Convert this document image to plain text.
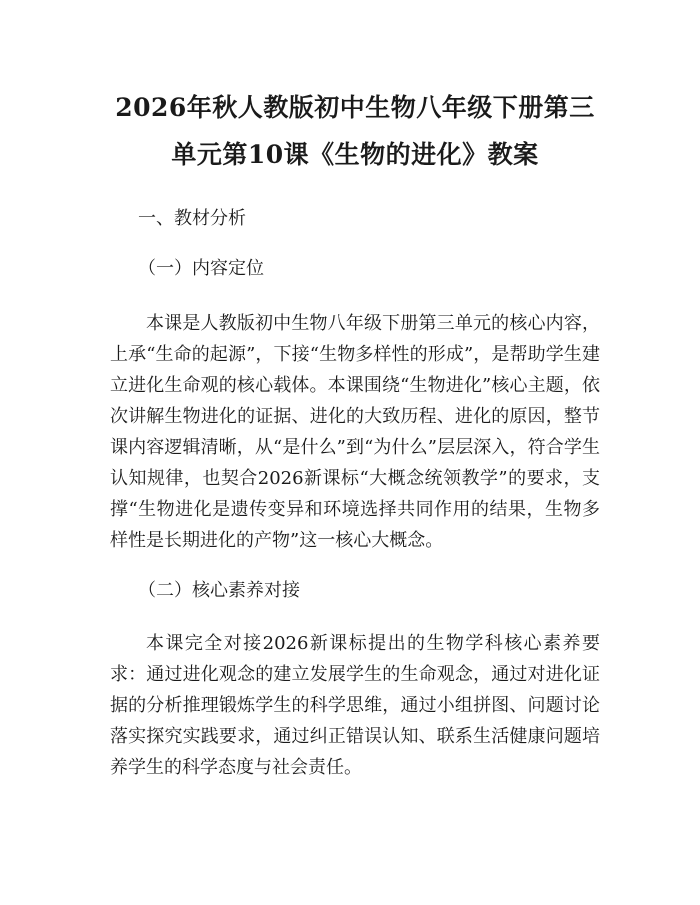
2026年秋人教版初中生物八年级下册第三单元第10课《生物的进化》教案

一、教材分析

（一）内容定位

本课是人教版初中生物八年级下册第三单元的核心内容，上承“生命的起源”，下接“生物多样性的形成”，是帮助学生建立进化生命观的核心载体。本课围绕“生物进化”核心主题，依次讲解生物进化的证据、进化的大致历程、进化的原因，整节课内容逻辑清晰，从“是什么”到“为什么”层层深入，符合学生认知规律，也契合2026新课标“大概念统领教学”的要求，支撑“生物进化是遗传变异和环境选择共同作用的结果，生物多样性是长期进化的产物”这一核心大概念。

（二）核心素养对接

本课完全对接2026新课标提出的生物学科核心素养要求：通过进化观念的建立发展学生的生命观念，通过对进化证据的分析推理锻炼学生的科学思维，通过小组拼图、问题讨论落实探究实践要求，通过纠正错误认知、联系生活健康问题培养学生的科学态度与社会责任。
